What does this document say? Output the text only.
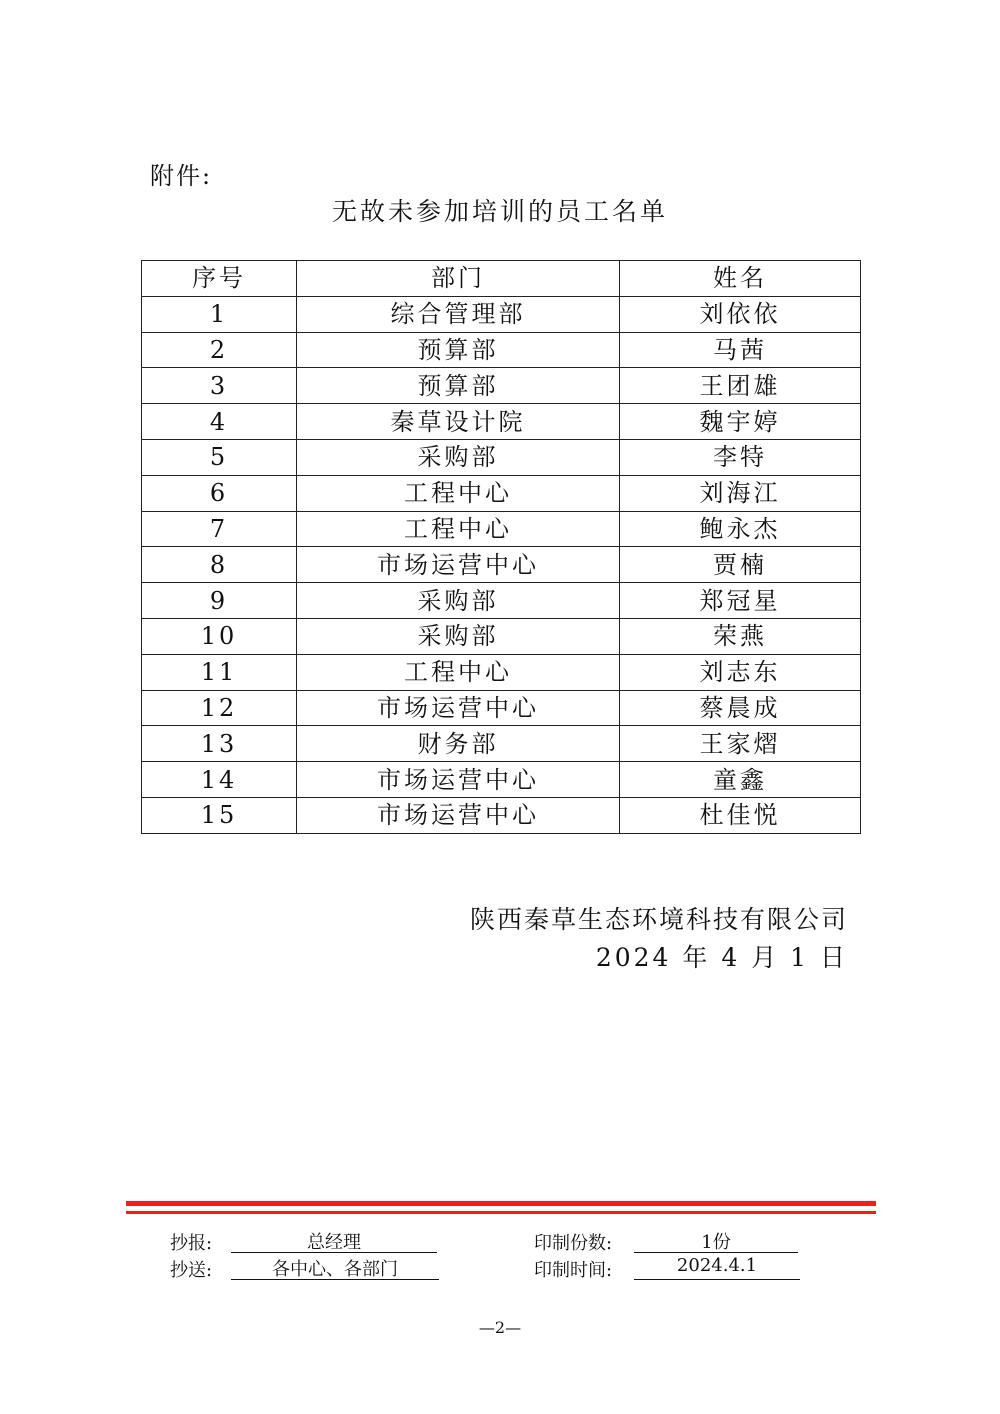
附件:
无故未参加培训的员工名单
序号	部门	姓名
1	综合管理部	刘依依
2	预算部	马茜
3	预算部	王团雄
4	秦草设计院	魏宇婷
5	采购部	李特
6	工程中心	刘海江
7	工程中心	鲍永杰
8	市场运营中心	贾楠
9	采购部	郑冠星
10	采购部	荣燕
11	工程中心	刘志东
12	市场运营中心	蔡晨成
13	财务部	王家熠
14	市场运营中心	童鑫
15	市场运营中心	杜佳悦
陕西秦草生态环境科技有限公司
2024 年 4 月 1 日
抄报:	总经理
抄送:	各中心、各部门
印制份数:	1份
印制时间:	2024.4.1
—2—
